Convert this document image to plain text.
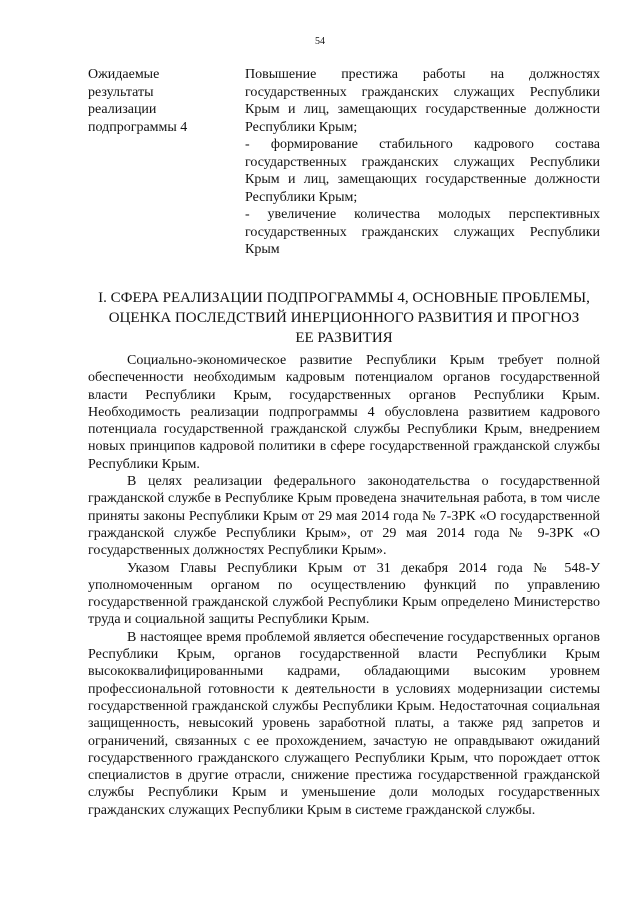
54
Ожидаемые
результаты
реализации
подпрограммы 4

Повышение престижа работы на должностях государственных гражданских служащих Республики Крым и лиц, замещающих государственные должности Республики Крым;

- формирование стабильного кадрового состава государственных гражданских служащих Республики Крым и лиц, замещающих государственные должности Республики Крым;

- увеличение количества молодых перспективных государственных гражданских служащих Республики Крым

I. СФЕРА РЕАЛИЗАЦИИ ПОДПРОГРАММЫ 4, ОСНОВНЫЕ ПРОБЛЕМЫ,
ОЦЕНКА ПОСЛЕДСТВИЙ ИНЕРЦИОННОГО РАЗВИТИЯ И ПРОГНОЗ
ЕЕ РАЗВИТИЯ

Социально-экономическое развитие Республики Крым требует полной обеспеченности необходимым кадровым потенциалом органов государственной власти Республики Крым, государственных органов Республики Крым. Необходимость реализации подпрограммы 4 обусловлена развитием кадрового потенциала государственной гражданской службы Республики Крым, внедрением новых принципов кадровой политики в сфере государственной гражданской службы Республики Крым.

В целях реализации федерального законодательства о государственной гражданской службе в Республике Крым проведена значительная работа, в том числе приняты законы Республики Крым от 29 мая 2014 года № 7-ЗРК «О государственной гражданской службе Республики Крым», от 29 мая 2014 года № 9-ЗРК «О государственных должностях Республики Крым».

Указом Главы Республики Крым от 31 декабря 2014 года № 548-У уполномоченным органом по осуществлению функций по управлению государственной гражданской службой Республики Крым определено Министерство труда и социальной защиты Республики Крым.

В настоящее время проблемой является обеспечение государственных органов Республики Крым, органов государственной власти Республики Крым высококвалифицированными кадрами, обладающими высоким уровнем профессиональной готовности к деятельности в условиях модернизации системы государственной гражданской службы Республики Крым. Недостаточная социальная защищенность, невысокий уровень заработной платы, а также ряд запретов и ограничений, связанных с ее прохождением, зачастую не оправдывают ожиданий государственного гражданского служащего Республики Крым, что порождает отток специалистов в другие отрасли, снижение престижа государственной гражданской службы Республики Крым и уменьшение доли молодых государственных гражданских служащих Республики Крым в системе гражданской службы.
